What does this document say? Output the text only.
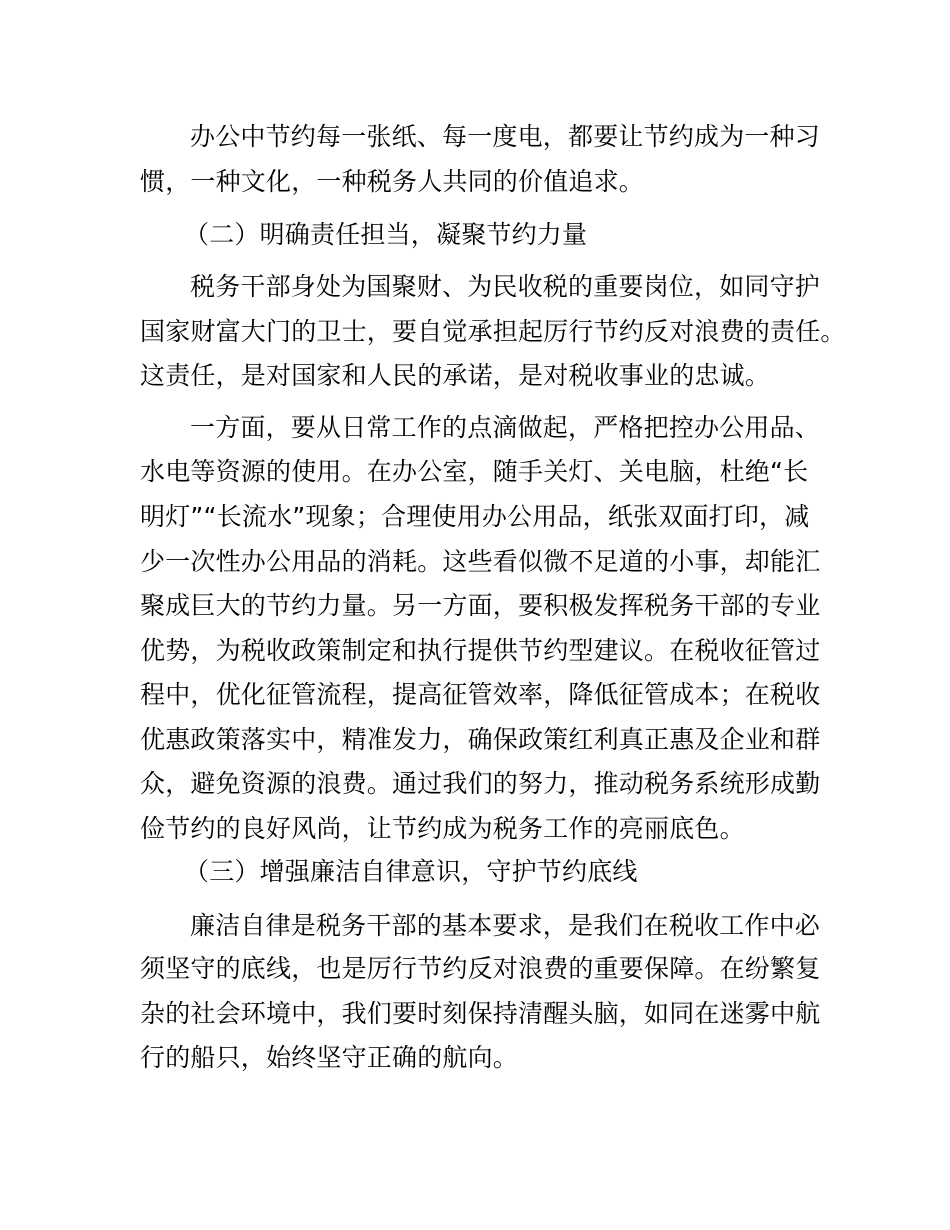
办公中节约每一张纸、每一度电，都要让节约成为一种习
惯，一种文化，一种税务人共同的价值追求。
（二）明确责任担当，凝聚节约力量
税务干部身处为国聚财、为民收税的重要岗位，如同守护
国家财富大门的卫士，要自觉承担起厉行节约反对浪费的责任。
这责任，是对国家和人民的承诺，是对税收事业的忠诚。
一方面，要从日常工作的点滴做起，严格把控办公用品、
水电等资源的使用。在办公室，随手关灯、关电脑，杜绝“长
明灯”“长流水”现象；合理使用办公用品，纸张双面打印，减
少一次性办公用品的消耗。这些看似微不足道的小事，却能汇
聚成巨大的节约力量。另一方面，要积极发挥税务干部的专业
优势，为税收政策制定和执行提供节约型建议。在税收征管过
程中，优化征管流程，提高征管效率，降低征管成本；在税收
优惠政策落实中，精准发力，确保政策红利真正惠及企业和群
众，避免资源的浪费。通过我们的努力，推动税务系统形成勤
俭节约的良好风尚，让节约成为税务工作的亮丽底色。
（三）增强廉洁自律意识，守护节约底线
廉洁自律是税务干部的基本要求，是我们在税收工作中必
须坚守的底线，也是厉行节约反对浪费的重要保障。在纷繁复
杂的社会环境中，我们要时刻保持清醒头脑，如同在迷雾中航
行的船只，始终坚守正确的航向。
